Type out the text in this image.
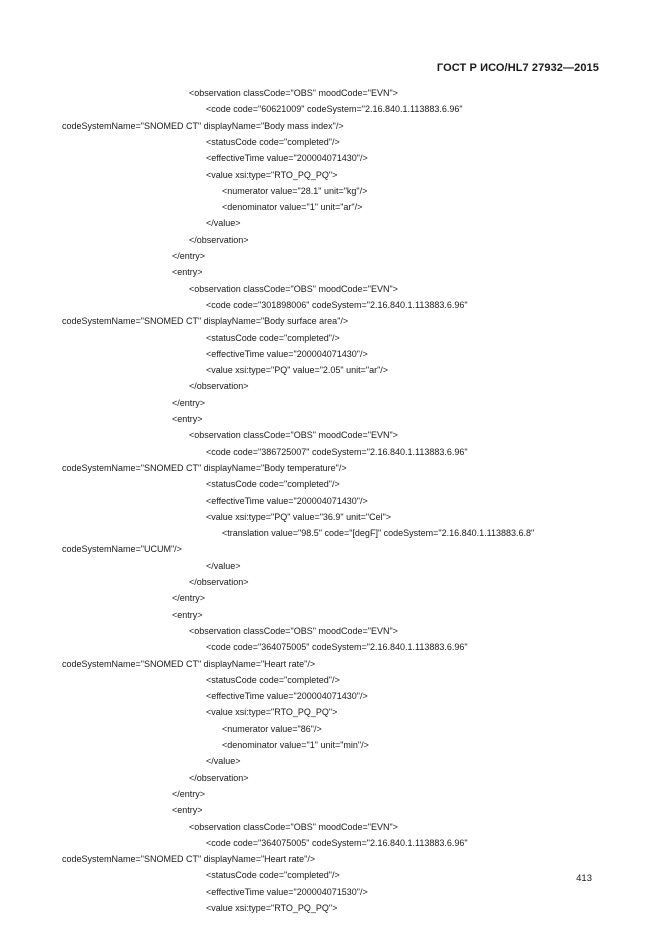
ГОСТ Р ИСО/HL7 27932—2015
<observation classCode="OBS" moodCode="EVN">
<code code="60621009" codeSystem="2.16.840.1.113883.6.96"
codeSystemName="SNOMED CT" displayName="Body mass index"/>
<statusCode code="completed"/>
<effectiveTime value="200004071430"/>
<value xsi:type="RTO_PQ_PQ">
<numerator value="28.1" unit="kg"/>
<denominator value="1" unit="ar"/>
</value>
</observation>
</entry>
<entry>
<observation classCode="OBS" moodCode="EVN">
<code code="301898006" codeSystem="2.16.840.1.113883.6.96"
codeSystemName="SNOMED CT" displayName="Body surface area"/>
<statusCode code="completed"/>
<effectiveTime value="200004071430"/>
<value xsi:type="PQ" value="2.05" unit="ar"/>
</observation>
</entry>
<entry>
<observation classCode="OBS" moodCode="EVN">
<code code="386725007" codeSystem="2.16.840.1.113883.6.96"
codeSystemName="SNOMED CT" displayName="Body temperature"/>
<statusCode code="completed"/>
<effectiveTime value="200004071430"/>
<value xsi:type="PQ" value="36.9" unit="Cel">
<translation value="98.5" code="[degF]" codeSystem="2.16.840.1.113883.6.8"
codeSystemName="UCUM"/>
</value>
</observation>
</entry>
<entry>
<observation classCode="OBS" moodCode="EVN">
<code code="364075005" codeSystem="2.16.840.1.113883.6.96"
codeSystemName="SNOMED CT" displayName="Heart rate"/>
<statusCode code="completed"/>
<effectiveTime value="200004071430"/>
<value xsi:type="RTO_PQ_PQ">
<numerator value="86"/>
<denominator value="1" unit="min"/>
</value>
</observation>
</entry>
<entry>
<observation classCode="OBS" moodCode="EVN">
<code code="364075005" codeSystem="2.16.840.1.113883.6.96"
codeSystemName="SNOMED CT" displayName="Heart rate"/>
<statusCode code="completed"/>
<effectiveTime value="200004071530"/>
<value xsi:type="RTO_PQ_PQ">
413
